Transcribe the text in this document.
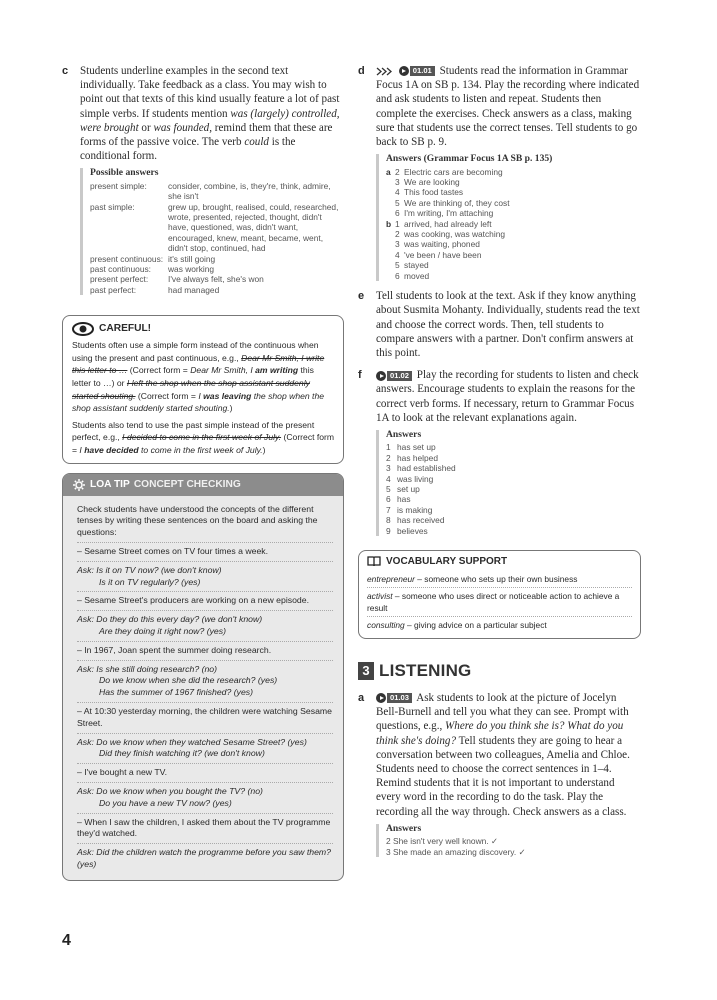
c Students underline examples in the second text individually. Take feedback as a class. You may wish to point out that texts of this kind usually feature a lot of past simple verbs. If students mention was (largely) controlled, were brought or was founded, remind them that these are forms of the passive voice. The verb could is the conditional form.
Possible answers
present simple:	consider, combine, is, they're, think, admire, she isn't
past simple:	grew up, brought, realised, could, researched, wrote, presented, rejected, thought, didn't have, questioned, was, didn't want, encouraged, knew, meant, became, went, didn't stop, continued, had
present continuous: it's still going
past continuous:	was working
present perfect:	I've always felt, she's won
past perfect:	had managed
CAREFUL!
Students often use a simple form instead of the continuous when using the present and past continuous, e.g., Dear Mr Smith, I write this letter to … (Correct form = Dear Mr Smith, I am writing this letter to …) or I left the shop when the shop assistant suddenly started shouting. (Correct form = I was leaving the shop when the shop assistant suddenly started shouting.)
Students also tend to use the past simple instead of the present perfect, e.g., I decided to come in the first week of July. (Correct form = I have decided to come in the first week of July.)
LOA TIP CONCEPT CHECKING
Check students have understood the concepts of the different tenses by writing these sentences on the board and asking the questions:
– Sesame Street comes on TV four times a week.
Ask: Is it on TV now? (we don't know)
Is it on TV regularly? (yes)
– Sesame Street's producers are working on a new episode.
Ask: Do they do this every day? (we don't know)
Are they doing it right now? (yes)
– In 1967, Joan spent the summer doing research.
Ask: Is she still doing research? (no)
Do we know when she did the research? (yes)
Has the summer of 1967 finished? (yes)
– At 10:30 yesterday morning, the children were watching Sesame Street.
Ask: Do we know when they watched Sesame Street? (yes)
Did they finish watching it? (we don't know)
– I've bought a new TV.
Ask: Do we know when you bought the TV? (no)
Do you have a new TV now? (yes)
– When I saw the children, I asked them about the TV programme they'd watched.
Ask: Did the children watch the programme before you saw them? (yes)
d
	01.01 Students read the information in Grammar Focus 1A on SB p. 134. Play the recording where indicated and ask students to listen and repeat. Students then complete the exercises. Check answers as a class, making sure that students use the correct tenses. Tell students to go back to SB p. 9.
Answers (Grammar Focus 1A SB p. 135)
a 2 Electric cars are becoming
3 We are looking
4 This food tastes
5 We are thinking of, they cost
6 I'm writing, I'm attaching
b 1 arrived, had already left
2 was cooking, was watching
3 was waiting, phoned
4 've been / have been
5 stayed
6 moved
e Tell students to look at the text. Ask if they know anything about Susmita Mohanty. Individually, students read the text and choose the correct words. Then, tell students to compare answers with a partner. Don't confirm answers at this point.
f	01.02 Play the recording for students to listen and check answers. Encourage students to explain the reasons for the correct verb forms. If necessary, return to Grammar Focus 1A to look at the relevant explanations again.
Answers
1 has set up
2 has helped
3 had established
4 was living
5 set up
6 has
7 is making
8 has received
9 believes
VOCABULARY SUPPORT
entrepreneur – someone who sets up their own business
activist – someone who uses direct or noticeable action to achieve a result
consulting – giving advice on a particular subject
3 LISTENING
a	01.03 Ask students to look at the picture of Jocelyn Bell-Burnell and tell you what they can see. Prompt with questions, e.g., Where do you think she is? What do you think she's doing? Tell students they are going to hear a conversation between two colleagues, Amelia and Chloe. Students need to choose the correct sentences in 1–4. Remind students that it is not important to understand every word in the recording to do the task. Play the recording all the way through. Check answers as a class.
Answers
2 She isn't very well known. ✓
3 She made an amazing discovery. ✓
4
